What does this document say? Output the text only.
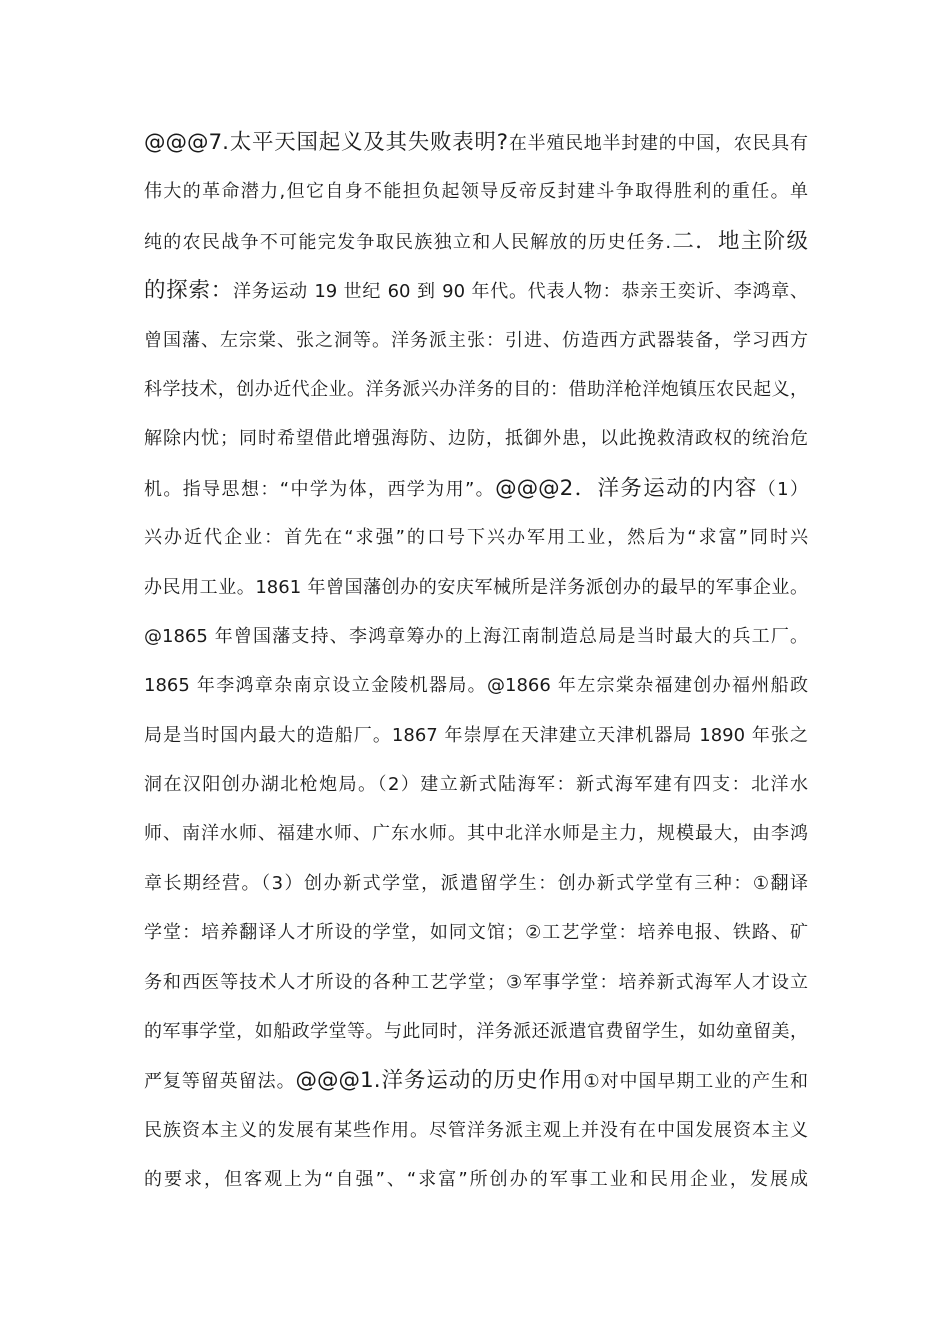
@@@7.太平天国起义及其失败表明?在半殖民地半封建的中国，农民具有
伟大的革命潜力,但它自身不能担负起领导反帝反封建斗争取得胜利的重任。单
纯的农民战争不可能完发争取民族独立和人民解放的历史任务.二．地主阶级
的探索：洋务运动 19 世纪 60 到 90 年代。代表人物：恭亲王奕䜣、李鸿章、
曾国藩、左宗棠、张之洞等。洋务派主张：引进、仿造西方武器装备，学习西方
科学技术，创办近代企业。洋务派兴办洋务的目的：借助洋枪洋炮镇压农民起义，
解除内忧；同时希望借此增强海防、边防，抵御外患，以此挽救清政权的统治危
机。指导思想：“中学为体，西学为用”。@@@2．洋务运动的内容（1）
兴办近代企业：首先在“求强”的口号下兴办军用工业，然后为“求富”同时兴
办民用工业。1861 年曾国藩创办的安庆军械所是洋务派创办的最早的军事企业。
@1865 年曾国藩支持、李鸿章筹办的上海江南制造总局是当时最大的兵工厂。
1865 年李鸿章杂南京设立金陵机器局。@1866 年左宗棠杂福建创办福州船政
局是当时国内最大的造船厂。1867 年崇厚在天津建立天津机器局 1890 年张之
洞在汉阳创办湖北枪炮局。（2）建立新式陆海军：新式海军建有四支：北洋水
师、南洋水师、福建水师、广东水师。其中北洋水师是主力，规模最大，由李鸿
章长期经营。（3）创办新式学堂，派遣留学生：创办新式学堂有三种：①翻译
学堂：培养翻译人才所设的学堂，如同文馆；②工艺学堂：培养电报、铁路、矿
务和西医等技术人才所设的各种工艺学堂；③军事学堂：培养新式海军人才设立
的军事学堂，如船政学堂等。与此同时，洋务派还派遣官费留学生，如幼童留美，
严复等留英留法。@@@1.洋务运动的历史作用①对中国早期工业的产生和
民族资本主义的发展有某些作用。尽管洋务派主观上并没有在中国发展资本主义
的要求，但客观上为“自强”、“求富”所创办的军事工业和民用企业，发展成
